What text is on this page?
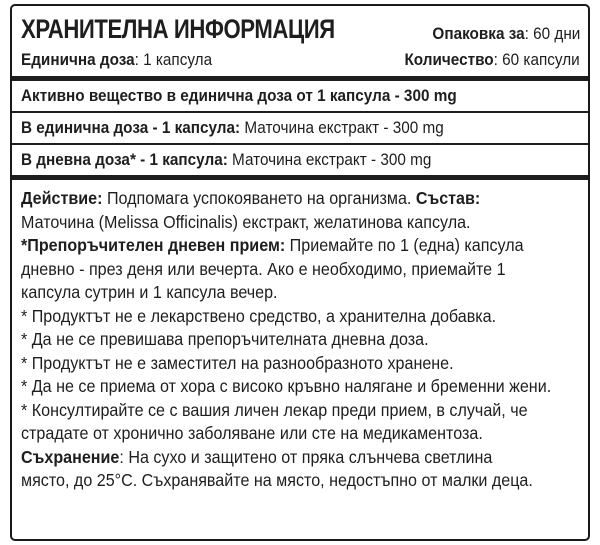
ХРАНИТЕЛНА ИНФОРМАЦИЯ
Единична доза: 1 капсула
Опаковка за: 60 дни
Количество: 60 капсули
Активно вещество в единична доза от 1 капсула - 300 mg
В единична доза - 1 капсула: Маточина екстракт - 300 mg
В дневна доза* - 1 капсула: Маточина екстракт - 300 mg

Действие: Подпомага успокояването на организма. Състав:

Маточина (Melissa Officinalis) екстракт, желатинова капсула.

*Препоръчителен дневен прием: Приемайте по 1 (една) капсула

дневно - през деня или вечерта. Ако е необходимо, приемайте 1

капсула сутрин и 1 капсула вечер.

* Продуктът не е лекарствено средство, а хранителна добавка.

* Да не се превишава препоръчителната дневна доза.

* Продуктът не е заместител на разнообразното хранене.

* Да не се приема от хора с високо кръвно налягане и бременни жени.

* Консултирайте се с вашия личен лекар преди прием, в случай, че

страдате от хронично заболяване или сте на медикаментоза.

Съхранение: На сухо и защитено от пряка слънчева светлина

място, до 25°С. Съхранявайте на място, недостъпно от малки деца.
